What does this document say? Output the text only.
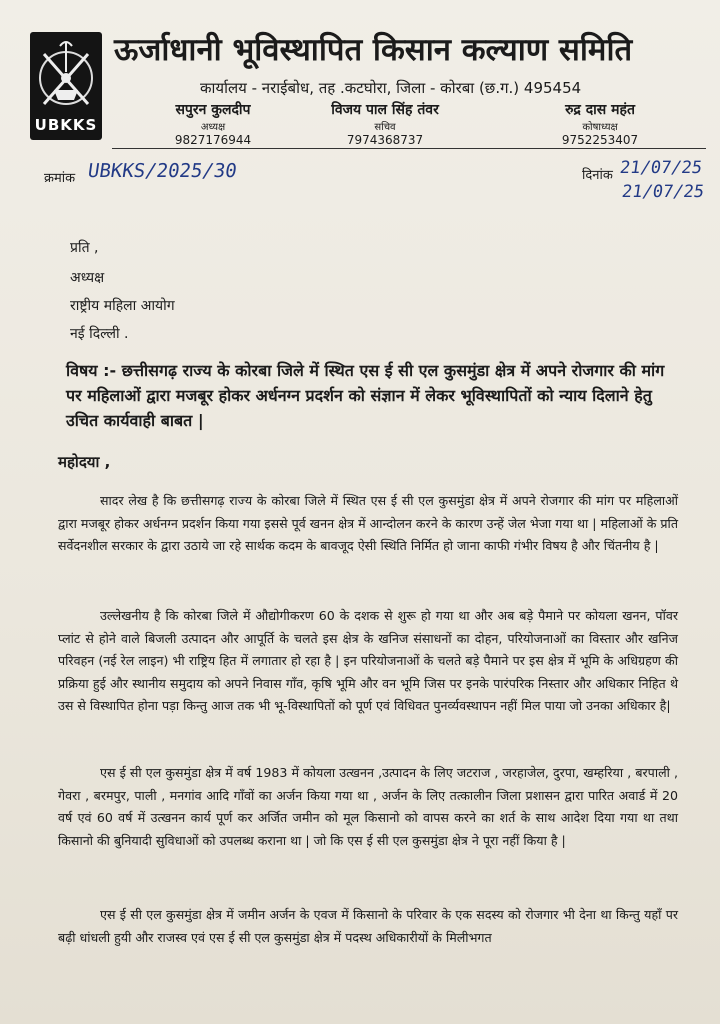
UBKKS
ऊर्जाधानी भूविस्थापित किसान कल्याण समिति
कार्यालय - नराईबोध, तह .कटघोरा, जिला - कोरबा (छ.ग.) 495454
सपुरन कुलदीप
अध्यक्ष
9827176944
विजय पाल सिंह तंवर
सचिव
7974368737
रुद्र दास महंत
कोषाध्यक्ष
9752253407
क्रमांक UBKKS/2025/30	दिनांक 21/07/25
21/07/25
प्रति ,
अध्यक्ष
राष्ट्रीय महिला आयोग
नई दिल्ली .
विषय :- छत्तीसगढ़ राज्य के कोरबा जिले में स्थित एस ई सी एल कुसमुंडा क्षेत्र में अपने रोजगार की मांग पर महिलाओं द्वारा मजबूर होकर अर्धनग्न प्रदर्शन को संज्ञान में लेकर भूविस्थापितों को न्याय दिलाने हेतु उचित कार्यवाही बाबत |
महोदया ,
सादर लेख है कि छत्तीसगढ़ राज्य के कोरबा जिले में स्थित एस ई सी एल कुसमुंडा क्षेत्र में अपने रोजगार की मांग पर महिलाओं द्वारा मजबूर होकर अर्धनग्न प्रदर्शन किया गया इससे पूर्व खनन क्षेत्र में आन्दोलन करने के कारण उन्हें जेल भेजा गया था | महिलाओं के प्रति सर्वेदनशील सरकार के द्वारा उठाये जा रहे सार्थक कदम के बावजूद ऐसी स्थिति निर्मित हो जाना काफी गंभीर विषय है और चिंतनीय है |
उल्लेखनीय है कि कोरबा जिले में औद्योगीकरण 60 के दशक से शुरू हो गया था और अब बड़े पैमाने पर कोयला खनन, पॉवर प्लांट से होने वाले बिजली उत्पादन और आपूर्ति के चलते इस क्षेत्र के खनिज संसाधनों का दोहन, परियोजनाओं का विस्तार और खनिज परिवहन (नई रेल लाइन) भी राष्ट्रिय हित में लगातार हो रहा है | इन परियोजनाओं के चलते बड़े पैमाने पर इस क्षेत्र में भूमि के अधिग्रहण की प्रक्रिया हुई और स्थानीय समुदाय को अपने निवास गाँव, कृषि भूमि और वन भूमि जिस पर इनके पारंपरिक निस्तार और अधिकार निहित थे उस से विस्थापित होना पड़ा किन्तु आज तक भी भू-विस्थापितों को पूर्ण एवं विधिवत पुनर्व्यवस्थापन नहीं मिल पाया जो उनका अधिकार है|
एस ई सी एल कुसमुंडा क्षेत्र में वर्ष 1983 में कोयला उत्खनन ,उत्पादन के लिए जटराज , जरहाजेल, दुरपा, खम्हरिया , बरपाली , गेवरा , बरमपुर, पाली , मनगांव आदि गाँवों का अर्जन किया गया था , अर्जन के लिए तत्कालीन जिला प्रशासन द्वारा पारित अवार्ड में 20 वर्ष एवं 60 वर्ष में उत्खनन कार्य पूर्ण कर अर्जित जमीन को मूल किसानो को वापस करने का शर्त के साथ आदेश दिया गया था तथा किसानो की बुनियादी सुविधाओं को उपलब्ध कराना था | जो कि एस ई सी एल कुसमुंडा क्षेत्र ने पूरा नहीं किया है |
एस ई सी एल कुसमुंडा क्षेत्र में जमीन अर्जन के एवज में किसानो के परिवार के एक सदस्य को रोजगार भी देना था किन्तु यहाँ पर बढ़ी धांधली हुयी और राजस्व एवं एस ई सी एल कुसमुंडा क्षेत्र में पदस्थ अधिकारीयों के मिलीभगत
